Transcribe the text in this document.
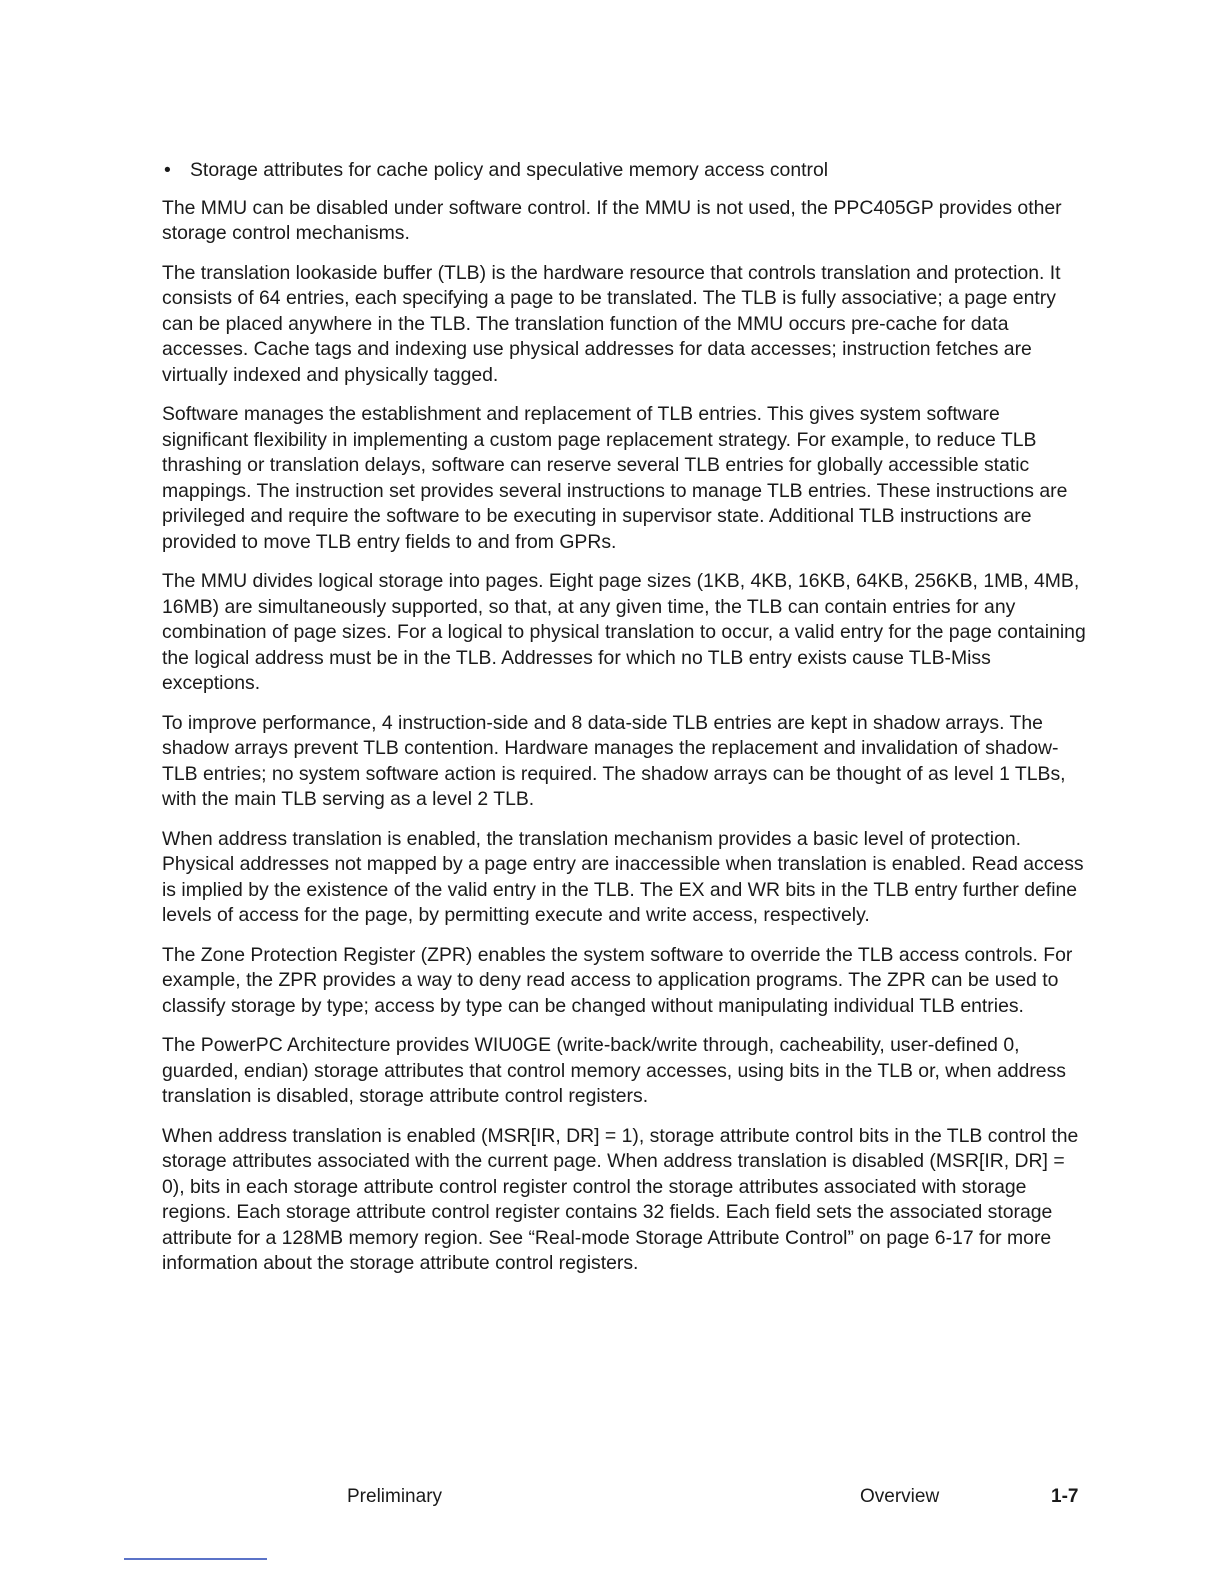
• Storage attributes for cache policy and speculative memory access control

The MMU can be disabled under software control. If the MMU is not used, the PPC405GP provides other storage control mechanisms.

The translation lookaside buffer (TLB) is the hardware resource that controls translation and protection. It consists of 64 entries, each specifying a page to be translated. The TLB is fully associative; a page entry can be placed anywhere in the TLB. The translation function of the MMU occurs pre-cache for data accesses. Cache tags and indexing use physical addresses for data accesses; instruction fetches are virtually indexed and physically tagged.

Software manages the establishment and replacement of TLB entries. This gives system software significant flexibility in implementing a custom page replacement strategy. For example, to reduce TLB thrashing or translation delays, software can reserve several TLB entries for globally accessible static mappings. The instruction set provides several instructions to manage TLB entries. These instructions are privileged and require the software to be executing in supervisor state. Additional TLB instructions are provided to move TLB entry fields to and from GPRs.

The MMU divides logical storage into pages. Eight page sizes (1KB, 4KB, 16KB, 64KB, 256KB, 1MB, 4MB, 16MB) are simultaneously supported, so that, at any given time, the TLB can contain entries for any combination of page sizes. For a logical to physical translation to occur, a valid entry for the page containing the logical address must be in the TLB. Addresses for which no TLB entry exists cause TLB-Miss exceptions.

To improve performance, 4 instruction-side and 8 data-side TLB entries are kept in shadow arrays. The shadow arrays prevent TLB contention. Hardware manages the replacement and invalidation of shadow-TLB entries; no system software action is required. The shadow arrays can be thought of as level 1 TLBs, with the main TLB serving as a level 2 TLB.

When address translation is enabled, the translation mechanism provides a basic level of protection. Physical addresses not mapped by a page entry are inaccessible when translation is enabled. Read access is implied by the existence of the valid entry in the TLB. The EX and WR bits in the TLB entry further define levels of access for the page, by permitting execute and write access, respectively.

The Zone Protection Register (ZPR) enables the system software to override the TLB access controls. For example, the ZPR provides a way to deny read access to application programs. The ZPR can be used to classify storage by type; access by type can be changed without manipulating individual TLB entries.

The PowerPC Architecture provides WIU0GE (write-back/write through, cacheability, user-defined 0, guarded, endian) storage attributes that control memory accesses, using bits in the TLB or, when address translation is disabled, storage attribute control registers.

When address translation is enabled (MSR[IR, DR] = 1), storage attribute control bits in the TLB control the storage attributes associated with the current page. When address translation is disabled (MSR[IR, DR] = 0), bits in each storage attribute control register control the storage attributes associated with storage regions. Each storage attribute control register contains 32 fields. Each field sets the associated storage attribute for a 128MB memory region. See “Real-mode Storage Attribute Control” on page 6-17 for more information about the storage attribute control registers.

Preliminary	Overview	1-7
